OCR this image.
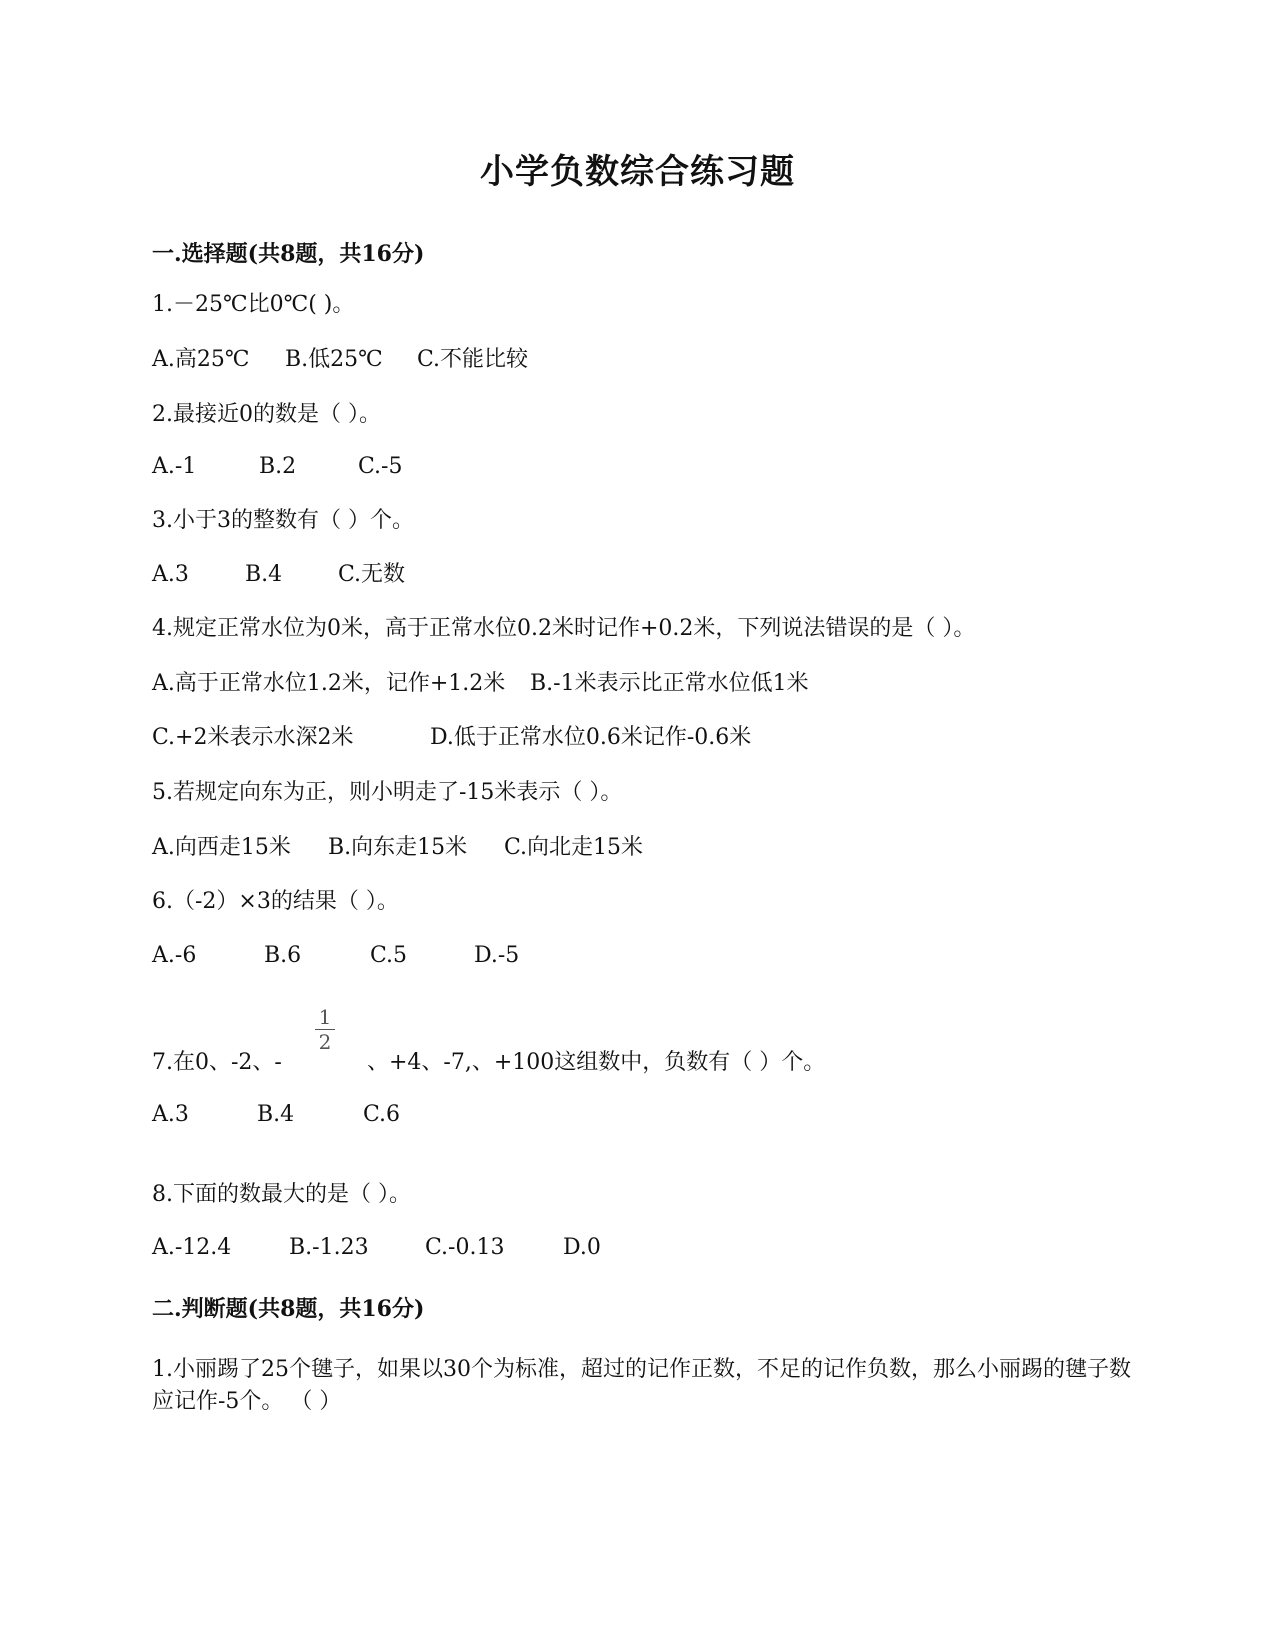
小学负数综合练习题
一.选择题(共8题，共16分)
1.－25℃比0℃( )。
A.高25℃ B.低25℃ C.不能比较
2.最接近0的数是（ ）。
A.-1	B.2	C.-5
3.小于3的整数有（ ）个。
A.3	B.4	C.无数
4.规定正常水位为0米，高于正常水位0.2米时记作+0.2米，下列说法错误的是（ ）。
A.高于正常水位1.2米，记作+1.2米 B.-1米表示比正常水位低1米
C.+2米表示水深2米	D.低于正常水位0.6米记作-0.6米
5.若规定向东为正，则小明走了-15米表示（ ）。
A.向西走15米 B.向东走15米 C.向北走15米
6.（-2）×3的结果（ ）。
A.-6	B.6	C.5	D.-5
7.在0、-2、-	、+4、-7,、+100这组数中，负数有（ ）个。
1
2
A.3	B.4	C.6
8.下面的数最大的是（ ）。
A.-12.4	B.-1.23	C.-0.13	D.0
二.判断题(共8题，共16分)
1.小丽踢了25个毽子，如果以30个为标准，超过的记作正数，不足的记作负数，那么小丽踢的毽子数应记作-5个。 （ ）
